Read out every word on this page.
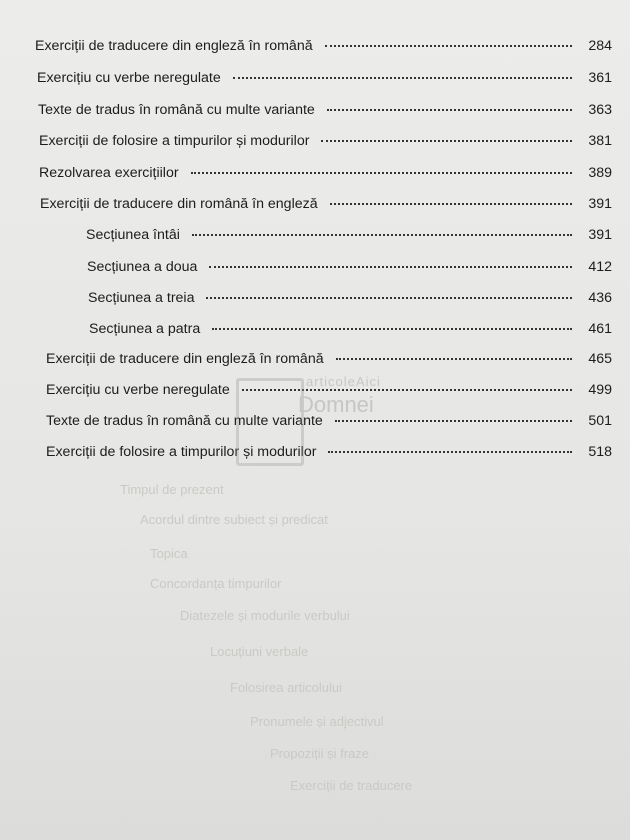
Timpul de prezent
Acordul dintre subiect și predicat
Topica
Concordanța timpurilor
Diatezele și modurile verbului
Locuțiuni verbale
Folosirea articolului
Pronumele și adjectivul
Propoziții și fraze
Exerciții de traducere
Exerciții de traducere din engleză în română	284
Exercițiu cu verbe neregulate	361
Texte de tradus în română cu multe variante	363
Exerciții de folosire a timpurilor și modurilor	381
Rezolvarea exercițiilor	389
Exerciții de traducere din română în engleză	391
Secțiunea întâi	391
Secțiunea a doua	412
Secțiunea a treia	436
Secțiunea a patra	461
Exerciții de traducere din engleză în română	465
Exercițiu cu verbe neregulate	499
Texte de tradus în română cu multe variante	501
Exerciții de folosire a timpurilor și modurilor	518
articoleAici
Domnei
